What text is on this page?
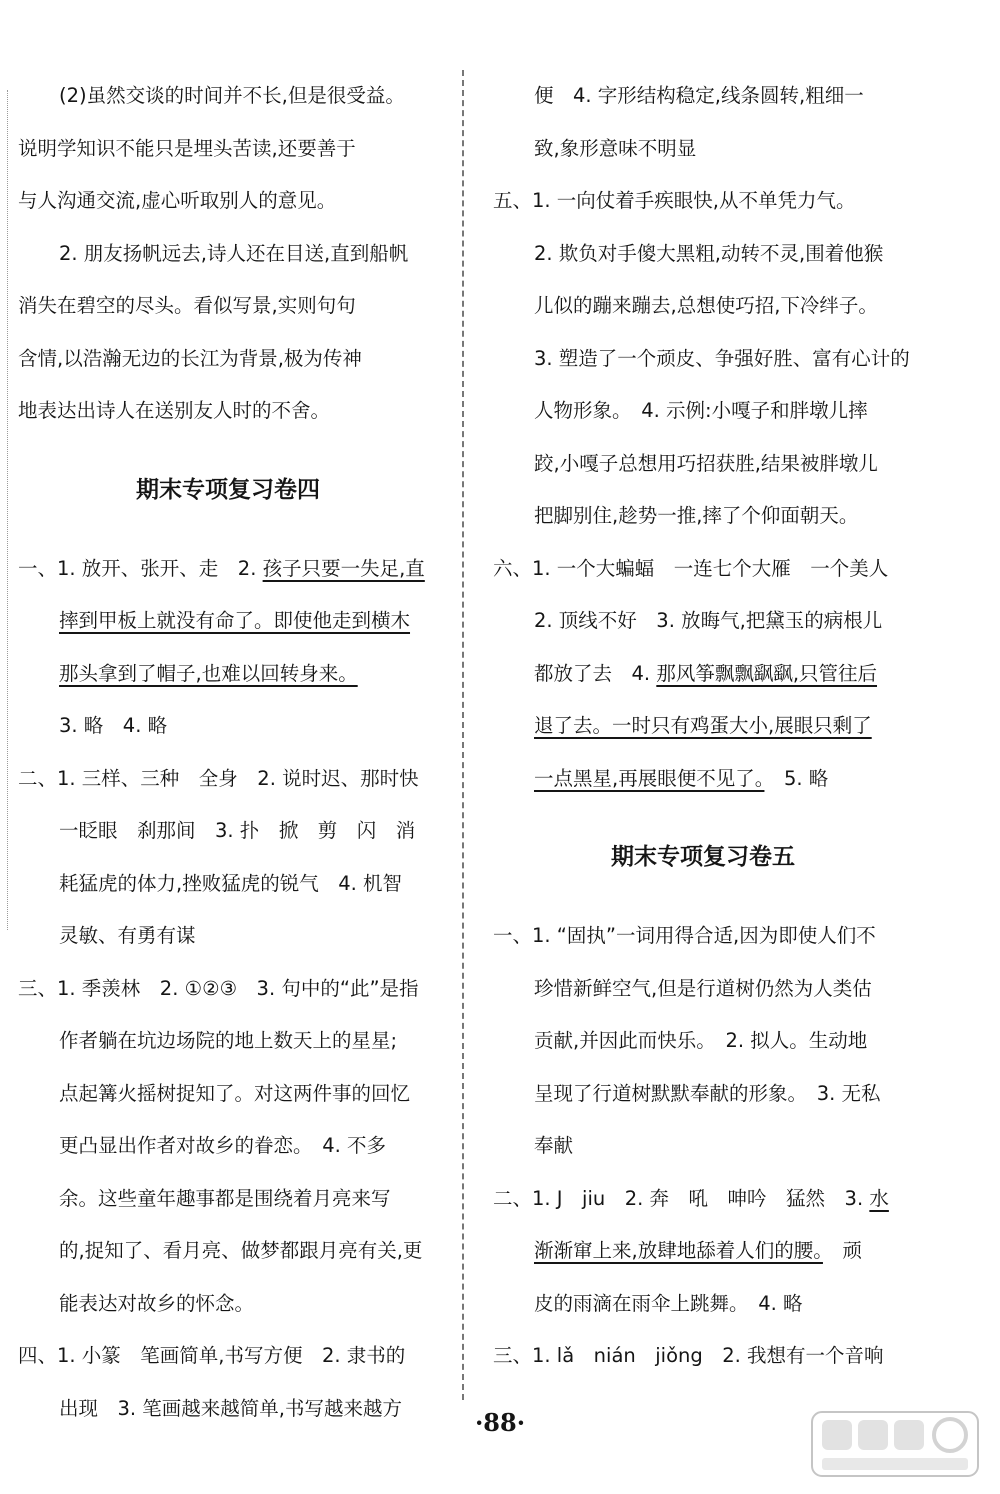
(2)虽然交谈的时间并不长,但是很受益。
说明学知识不能只是埋头苦读,还要善于
与人沟通交流,虚心听取别人的意见。
2. 朋友扬帆远去,诗人还在目送,直到船帆
消失在碧空的尽头。看似写景,实则句句
含情,以浩瀚无边的长江为背景,极为传神
地表达出诗人在送别友人时的不舍。
期末专项复习卷四
一、1. 放开、张开、走　2. 孩子只要一失足,直
摔到甲板上就没有命了。即使他走到横木
那头拿到了帽子,也难以回转身来。
3. 略　4. 略
二、1. 三样、三种　全身　2. 说时迟、那时快
一眨眼　刹那间　3. 扑　掀　剪　闪　消
耗猛虎的体力,挫败猛虎的锐气　4. 机智
灵敏、有勇有谋
三、1. 季羡林　2. ①②③　3. 句中的“此”是指
作者躺在坑边场院的地上数天上的星星;
点起篝火摇树捉知了。对这两件事的回忆
更凸显出作者对故乡的眷恋。　4. 不多
余。这些童年趣事都是围绕着月亮来写
的,捉知了、看月亮、做梦都跟月亮有关,更
能表达对故乡的怀念。
四、1. 小篆　笔画简单,书写方便　2. 隶书的
出现　3. 笔画越来越简单,书写越来越方
便　4. 字形结构稳定,线条圆转,粗细一
致,象形意味不明显
五、1. 一向仗着手疾眼快,从不单凭力气。
2. 欺负对手傻大黑粗,动转不灵,围着他猴
儿似的蹦来蹦去,总想使巧招,下冷绊子。
3. 塑造了一个顽皮、争强好胜、富有心计的
人物形象。　4. 示例:小嘎子和胖墩儿摔
跤,小嘎子总想用巧招获胜,结果被胖墩儿
把脚别住,趁势一推,摔了个仰面朝天。
六、1. 一个大蝙蝠　一连七个大雁　一个美人
2. 顶线不好　3. 放晦气,把黛玉的病根儿
都放了去　4. 那风筝飘飘飖飖,只管往后
退了去。一时只有鸡蛋大小,展眼只剩了
一点黑星,再展眼便不见了。　5. 略
期末专项复习卷五
一、1. “固执”一词用得合适,因为即使人们不
珍惜新鲜空气,但是行道树仍然为人类估
贡献,并因此而快乐。　2. 拟人。生动地
呈现了行道树默默奉献的形象。　3. 无私
奉献
二、1. J　jiu　2. 奔　吼　呻吟　猛然　3. 水
渐渐窜上来,放肆地舔着人们的腰。　顽
皮的雨滴在雨伞上跳舞。　4. 略
三、1. lǎ　nián　jiǒng　2. 我想有一个音响
·88·
